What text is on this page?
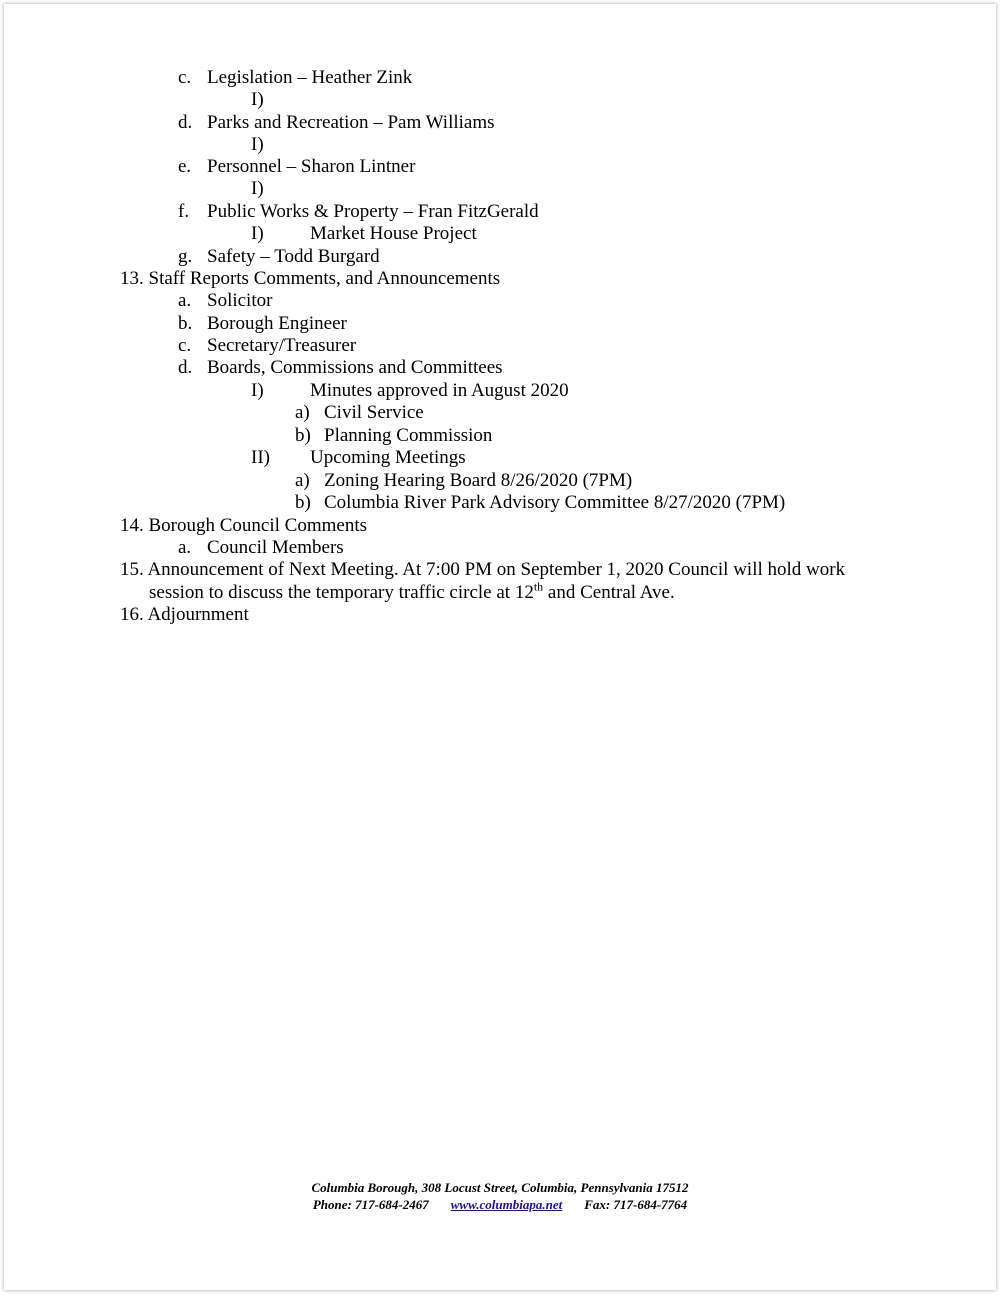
c. Legislation – Heather Zink
I)
d. Parks and Recreation – Pam Williams
I)
e. Personnel – Sharon Lintner
I)
f. Public Works & Property – Fran FitzGerald
I) Market House Project
g. Safety – Todd Burgard
13. Staff Reports Comments, and Announcements
a. Solicitor
b. Borough Engineer
c. Secretary/Treasurer
d. Boards, Commissions and Committees
I) Minutes approved in August 2020
a) Civil Service
b) Planning Commission
II) Upcoming Meetings
a) Zoning Hearing Board 8/26/2020 (7PM)
b) Columbia River Park Advisory Committee 8/27/2020 (7PM)
14. Borough Council Comments
a. Council Members
15. Announcement of Next Meeting. At 7:00 PM on September 1, 2020 Council will hold work
session to discuss the temporary traffic circle at 12th and Central Ave.
16. Adjournment
Columbia Borough, 308 Locust Street, Columbia, Pennsylvania 17512
Phone: 717-684-2467 www.columbiapa.net Fax: 717-684-7764
